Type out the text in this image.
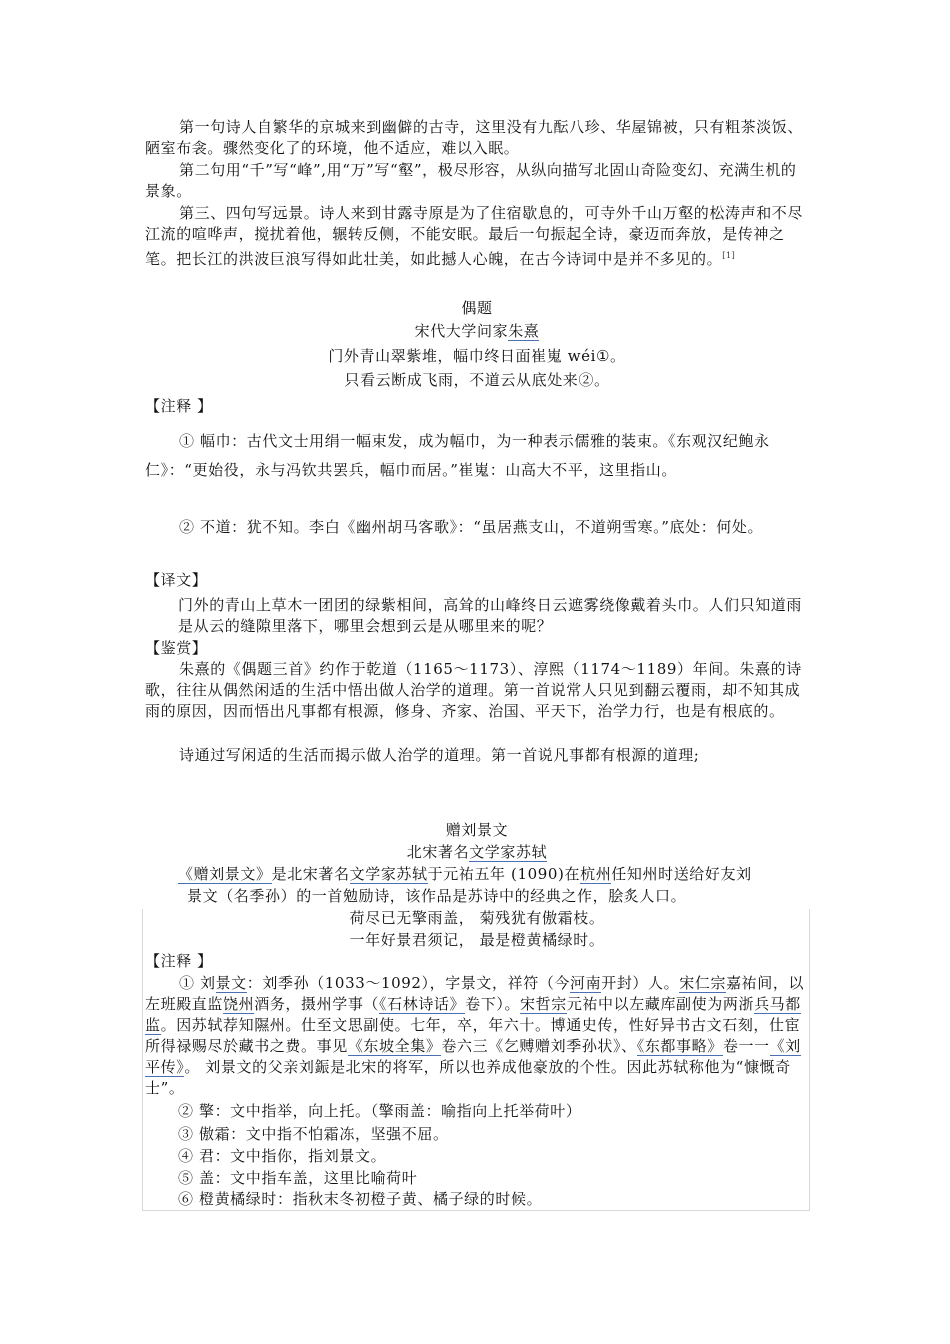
第一句诗人自繁华的京城来到幽僻的古寺，这里没有九酝八珍、华屋锦被，只有粗茶淡饭、陋室布衾。骤然变化了的环境，他不适应，难以入眠。
第二句用“千”写“峰”,用“万”写“壑”，极尽形容，从纵向描写北固山奇险变幻、充满生机的景象。
第三、四句写远景。诗人来到甘露寺原是为了住宿歇息的，可寺外千山万壑的松涛声和不尽江流的喧哗声，搅扰着他，辗转反侧，不能安眠。最后一句振起全诗，豪迈而奔放，是传神之笔。把长江的洪波巨浪写得如此壮美，如此撼人心魄，在古今诗词中是并不多见的。[1]
偶题
宋代大学问家朱熹
门外青山翠紫堆，幅巾终日面崔嵬 wéi①。
只看云断成飞雨，不道云从底处来②。
【注释 】
① 幅巾：古代文士用绢一幅束发，成为幅巾，为一种表示儒雅的装束。《东观汉纪鲍永仁》：“更始役，永与冯钦共罢兵，幅巾而居。”崔嵬：山高大不平，这里指山。
② 不道：犹不知。李白《幽州胡马客歌》：“虽居燕支山，不道朔雪寒。”底处：何处。
【译文】
门外的青山上草木一团团的绿紫相间，高耸的山峰终日云遮雾绕像戴着头巾。人们只知道雨是从云的缝隙里落下，哪里会想到云是从哪里来的呢？
【鉴赏】
朱熹的《偶题三首》约作于乾道（1165～1173）、淳熙（1174～1189）年间。朱熹的诗歌，往往从偶然闲适的生活中悟出做人治学的道理。第一首说常人只见到翻云覆雨，却不知其成雨的原因，因而悟出凡事都有根源，修身、齐家、治国、平天下，治学力行，也是有根底的。
诗通过写闲适的生活而揭示做人治学的道理。第一首说凡事都有根源的道理;
赠刘景文
北宋著名文学家苏轼
《赠刘景文》是北宋著名文学家苏轼于元祐五年 (1090)在杭州任知州时送给好友刘
景文（名季孙）的一首勉励诗，该作品是苏诗中的经典之作，脍炙人口。
荷尽已无擎雨盖， 菊残犹有傲霜枝。
一年好景君须记， 最是橙黄橘绿时。
【注释 】
① 刘景文：刘季孙（1033～1092），字景文，祥符（今河南开封）人。宋仁宗嘉祐间，以左班殿直监饶州酒务，摄州学事（《石林诗话》卷下）。宋哲宗元祐中以左藏库副使为两浙兵马都监。因苏轼荐知隰州。仕至文思副使。七年，卒，年六十。博通史传，性好异书古文石刻，仕宦所得禄赐尽於藏书之费。事见《东坡全集》卷六三《乞赙赠刘季孙状》、《东都事略》卷一一《刘平传》。 刘景文的父亲刘鋠是北宋的将军，所以也养成他豪放的个性。因此苏轼称他为“慷慨奇士”。
② 擎：文中指举，向上托。（擎雨盖：喻指向上托举荷叶）
③ 傲霜：文中指不怕霜冻，坚强不屈。
④ 君：文中指你，指刘景文。
⑤ 盖：文中指车盖，这里比喻荷叶
⑥ 橙黄橘绿时：指秋末冬初橙子黄、橘子绿的时候。
